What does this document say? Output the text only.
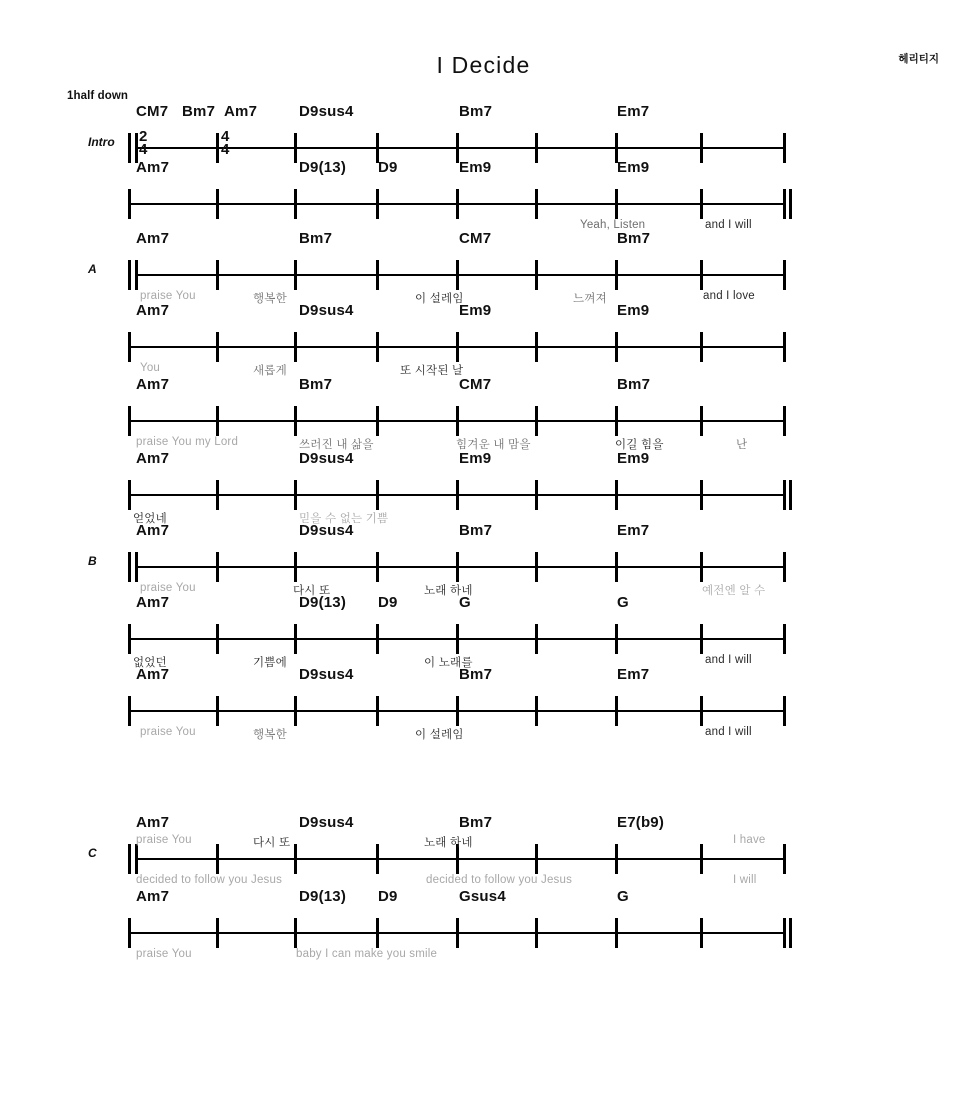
I Decide	헤리티지
1half down
Intro
CM7 Bm7 Am7	D9sus4	Bm7	Em7
Am7	D9(13) D9	Em9	Em9
Yeah, Listen	and I will
A
Am7	Bm7	CM7	Bm7
praise You	행복한	이 설레임	느껴져	and I love
Am7	D9sus4	Em9	Em9
You	새롭게	또 시작된 날
Am7	Bm7	CM7	Bm7
praise You my Lord	쓰러진 내 삶을	힘겨운 내 맘을	이길 힘을	난
Am7	D9sus4	Em9	Em9
얻었네	믿을 수 없는 기쁨
B
Am7	D9sus4	Bm7	Em7
praise You	다시 또	노래 하네	예전엔 알 수
Am7	D9(13) D9	G	G
없었던	기쁨에	이 노래를	and I will
Am7	D9sus4	Bm7	Em7
praise You	행복한	이 설레임	and I will
C
Am7	D9sus4	Bm7	E7(b9)
praise You	다시 또	노래 하네	I have
decided to follow you Jesus	decided to follow you Jesus	I will
Am7	D9(13) D9	Gsus4	G
praise You	baby I can make you smile
2
4
4
4
